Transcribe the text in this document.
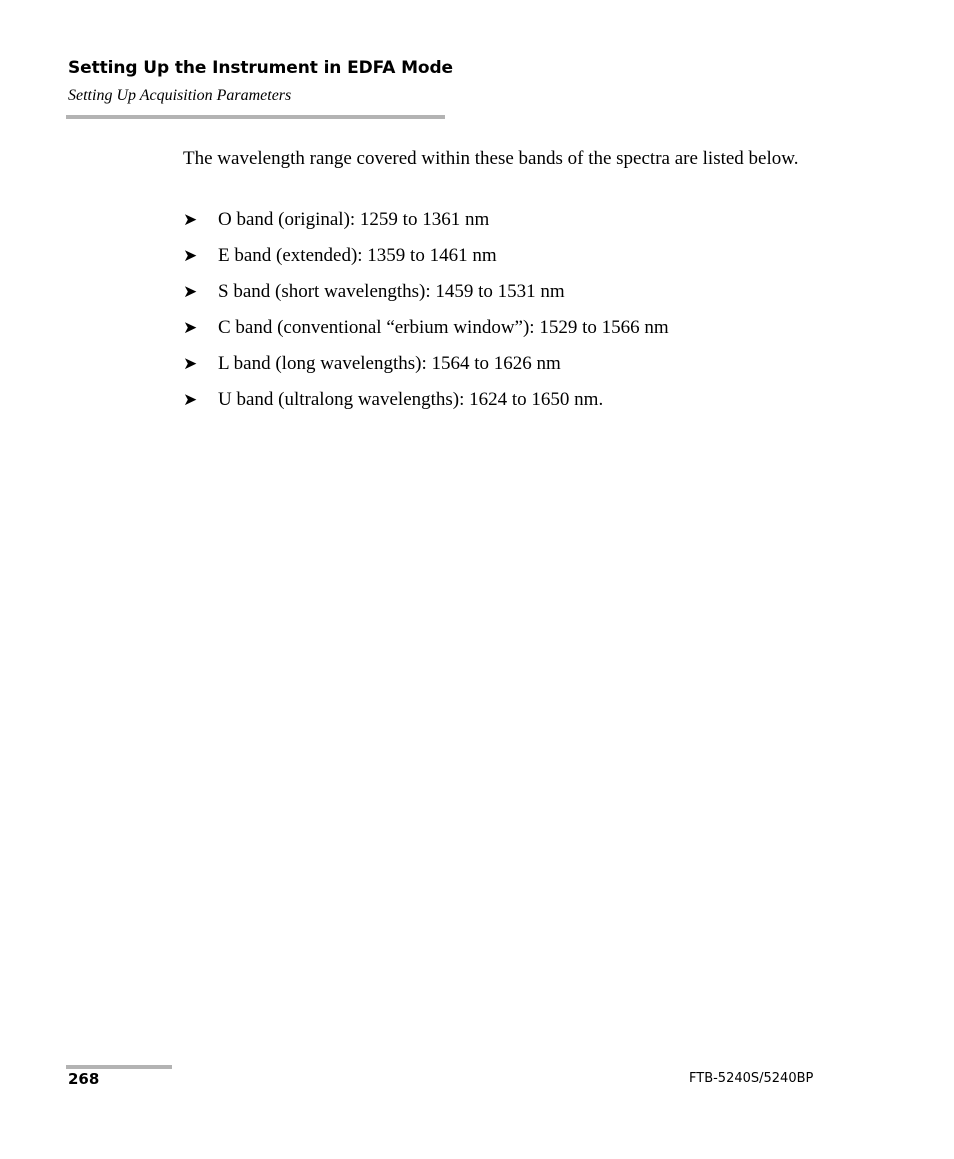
Setting Up the Instrument in EDFA Mode
Setting Up Acquisition Parameters
The wavelength range covered within these bands of the spectra are listed below.
➤	O band (original): 1259 to 1361 nm
➤	E band (extended): 1359 to 1461 nm
➤	S band (short wavelengths): 1459 to 1531 nm
➤	C band (conventional “erbium window”): 1529 to 1566 nm
➤	L band (long wavelengths): 1564 to 1626 nm
➤	U band (ultralong wavelengths): 1624 to 1650 nm.
268	FTB-5240S/5240BP
